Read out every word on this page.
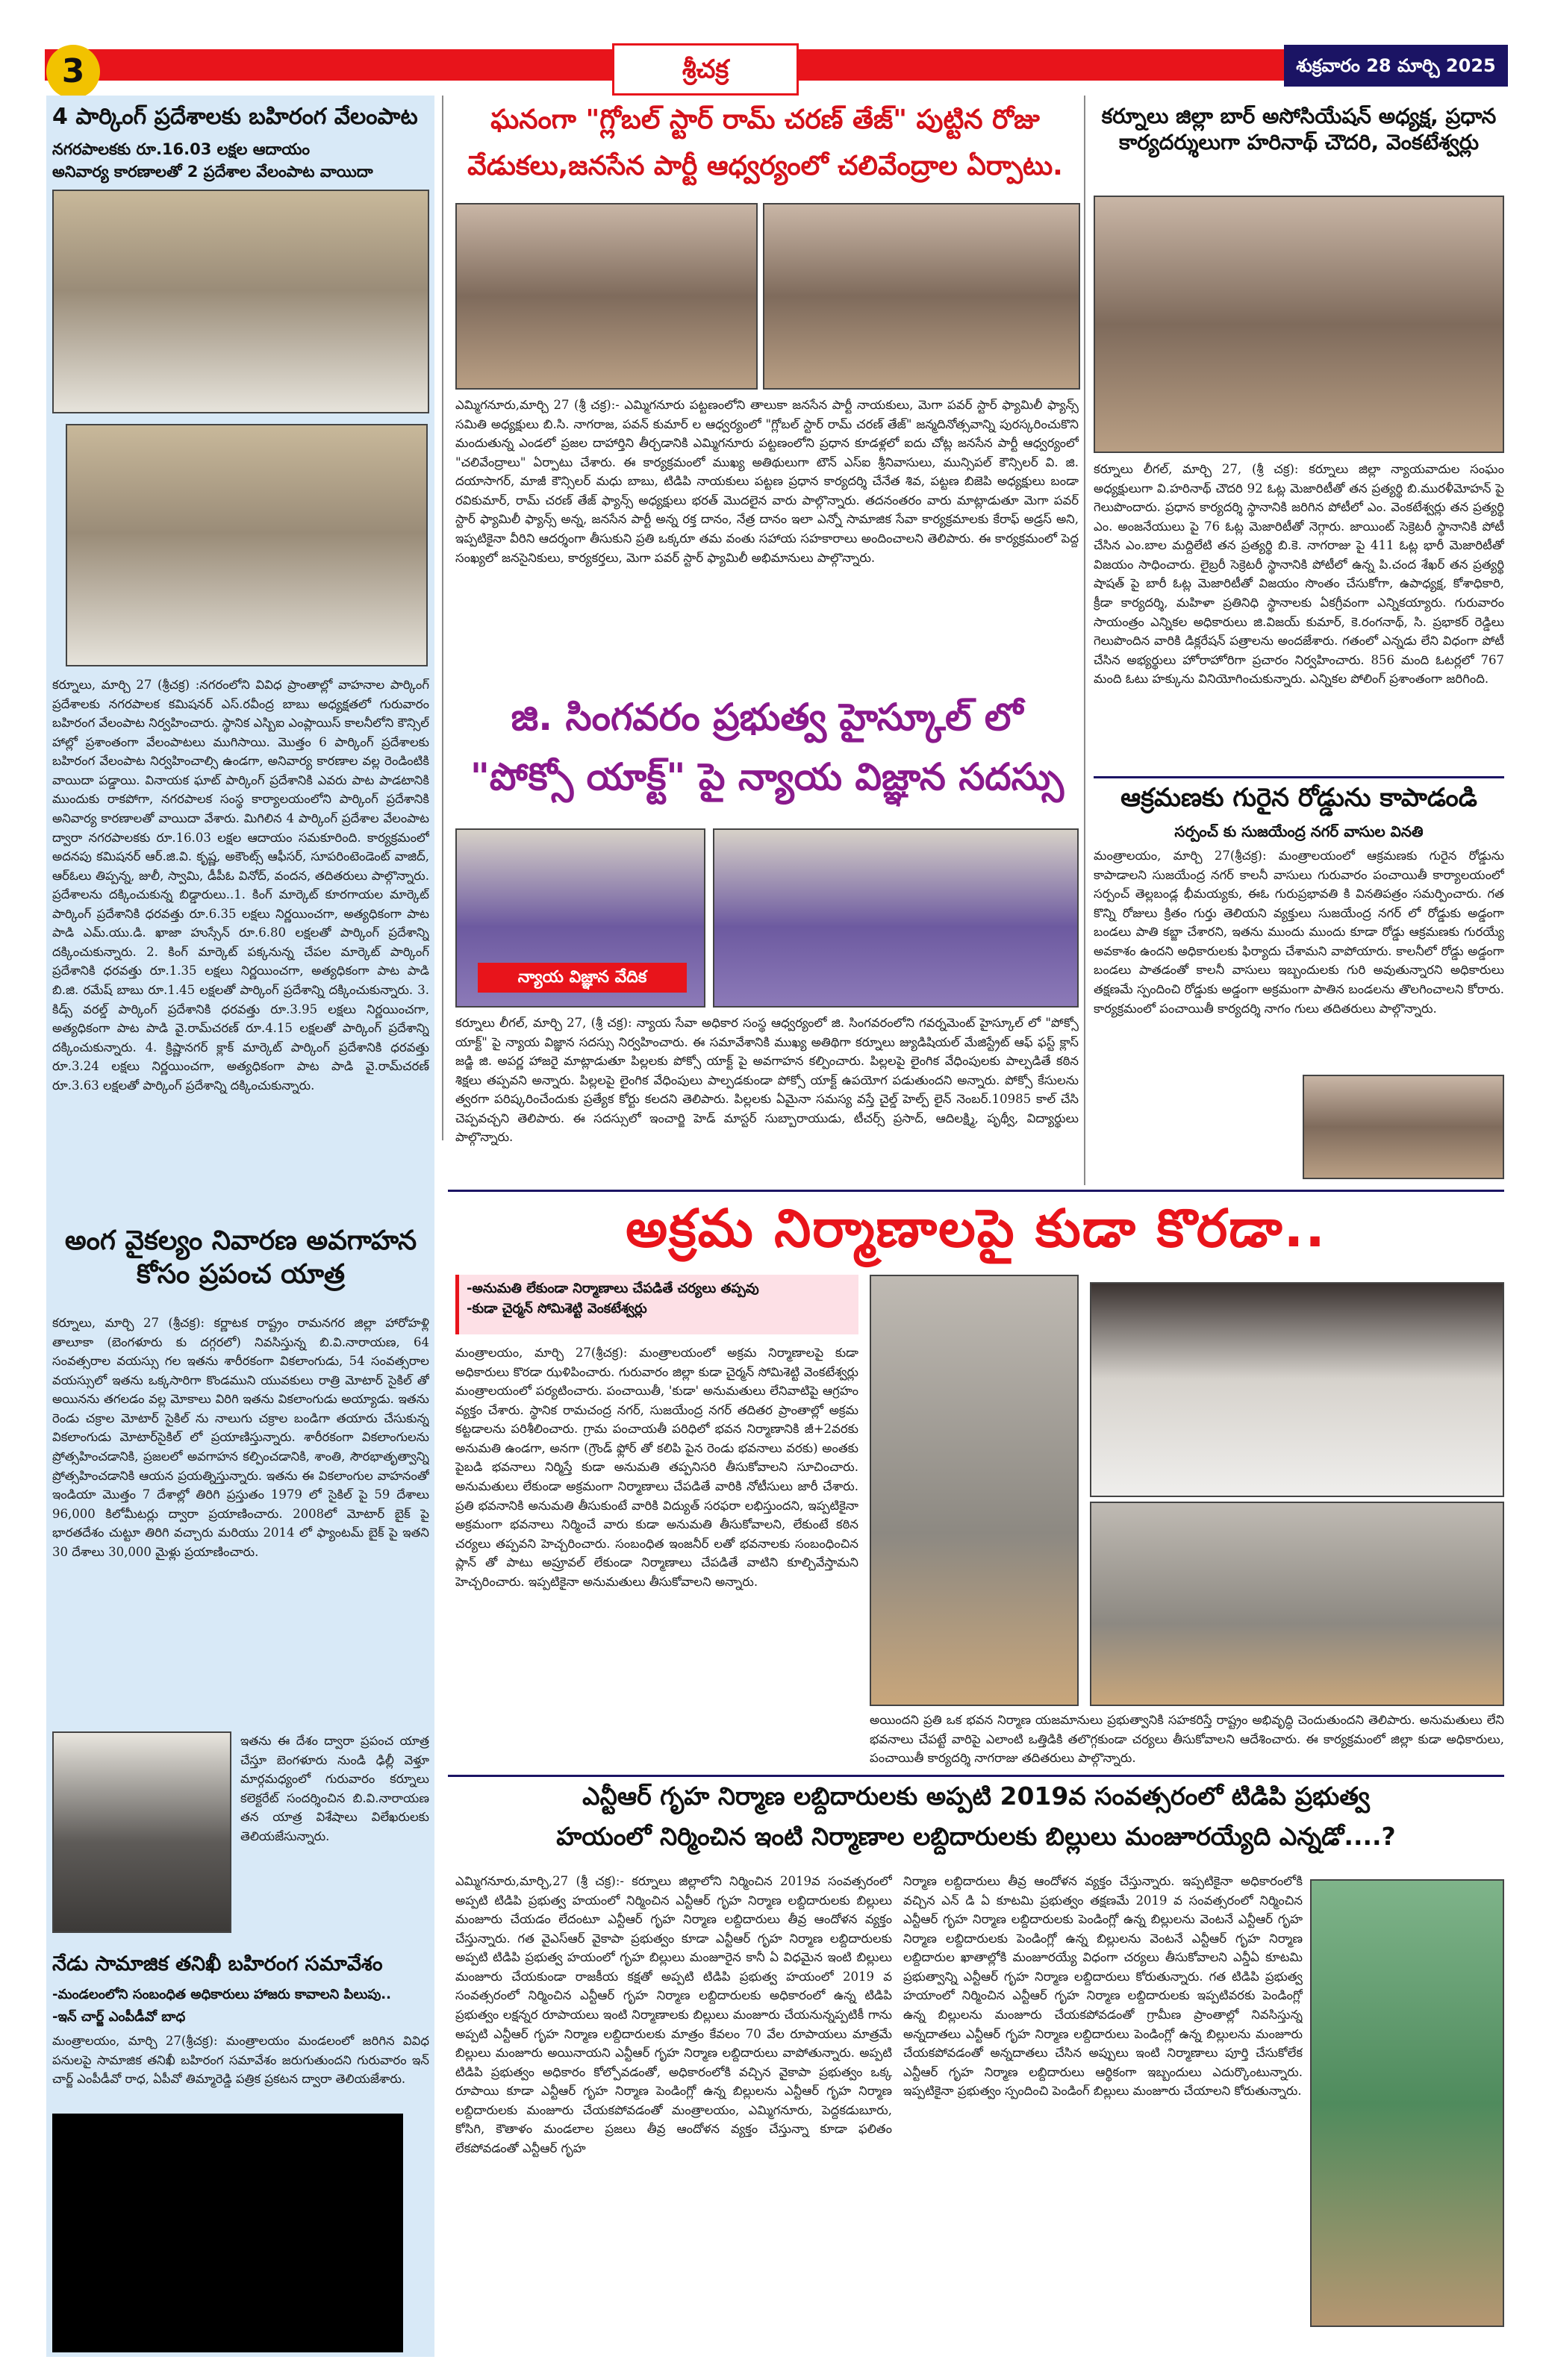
3	శ్రీచక్ర	శుక్రవారం 28 మార్చి 2025
4 పార్కింగ్ ప్రదేశాలకు బహిరంగ వేలంపాట
నగరపాలకకు రూ.16.03 లక్షల ఆదాయం
అనివార్య కారణాలతో 2 ప్రదేశాల వేలంపాట వాయిదా
కర్నూలు, మార్చి 27 (శ్రీచక్ర) :నగరంలోని వివిధ ప్రాంతాల్లో వాహనాల పార్కింగ్ ప్రదేశాలకు నగరపాలక కమిషనర్ ఎస్.రవీంద్ర బాబు అధ్యక్షతలో గురువారం బహిరంగ వేలంపాట నిర్వహించారు. స్థానిక ఎస్బిఐ ఎంప్లాయిస్ కాలనీలోని కౌన్సిల్ హాల్లో ప్రశాంతంగా వేలంపాటలు ముగిసాయి. మొత్తం 6 పార్కింగ్ ప్రదేశాలకు బహిరంగ వేలంపాట నిర్వహించాల్సి ఉండగా, అనివార్య కారణాల వల్ల రెండింటికి వాయిదా పడ్డాయి. వినాయక ఘాట్ పార్కింగ్ ప్రదేశానికి ఎవరు పాట పాడటానికి ముందుకు రాకపోగా, నగరపాలక సంస్థ కార్యాలయంలోని పార్కింగ్ ప్రదేశానికి అనివార్య కారణాలతో వాయిదా వేశారు. మిగిలిన 4 పార్కింగ్ ప్రదేశాల వేలంపాట ద్వారా నగరపాలకకు రూ.16.03 లక్షల ఆదాయం సమకూరింది. కార్యక్రమంలో అదనపు కమిషనర్ ఆర్.జి.వి. కృష్ణ, అకౌంట్స్ ఆఫీసర్, సూపరింటెండెంట్ వాజిద్, ఆర్ఓలు తిప్పన్న, జులీ, స్వామి, డీపీఓ వినోద్, వందన, తదితరులు పాల్గొన్నారు. ప్రదేశాలను దక్కించుకున్న బిడ్డారులు..1. కింగ్ మార్కెట్ కూరగాయల మార్కెట్ పార్కింగ్ ప్రదేశానికి ధరవత్తు రూ.6.35 లక్షలు నిర్ణయించగా, అత్యధికంగా పాట పాడి ఎమ్.యు.డి. ఖాజా హుస్సేన్ రూ.6.80 లక్షలతో పార్కింగ్ ప్రదేశాన్ని దక్కించుకున్నారు. 2. కింగ్ మార్కెట్ పక్కనున్న చేపల మార్కెట్ పార్కింగ్ ప్రదేశానికి ధరవత్తు రూ.1.35 లక్షలు నిర్ణయించగా, అత్యధికంగా పాట పాడి బి.జి. రమేష్ బాబు రూ.1.45 లక్షలతో పార్కింగ్ ప్రదేశాన్ని దక్కించుకున్నారు. 3. కిడ్స్ వరల్డ్ పార్కింగ్ ప్రదేశానికి ధరవత్తు రూ.3.95 లక్షలు నిర్ణయించగా, అత్యధికంగా పాట పాడి వై.రామ్‌చరణ్ రూ.4.15 లక్షలతో పార్కింగ్ ప్రదేశాన్ని దక్కించుకున్నారు. 4. క్రిష్ణానగర్ క్లాక్ మార్కెట్ పార్కింగ్ ప్రదేశానికి ధరవత్తు రూ.3.24 లక్షలు నిర్ణయించగా, అత్యధికంగా పాట పాడి వై.రామ్‌చరణ్ రూ.3.63 లక్షలతో పార్కింగ్ ప్రదేశాన్ని దక్కించుకున్నారు.
అంగ వైకల్యం నివారణ అవగాహన కోసం ప్రపంచ యాత్ర
కర్నూలు, మార్చి 27 (శ్రీచక్ర): కర్ణాటక రాష్ట్రం రామనగర జిల్లా హారోహళ్లి తాలూకా (బెంగళూరు కు దగ్గరలో) నివసిస్తున్న బి.వి.నారాయణ, 64 సంవత్సరాల వయస్సు గల ఇతను శారీరకంగా వికలాంగుడు, 54 సంవత్సరాల వయస్సులో ఇతను ఒక్కసారిగా కొండముని యువకులు రాత్రి మోటార్ సైకిల్ తో అయినను తగలడం వల్ల మోకాలు విరిగి ఇతను వికలాంగుడు అయ్యాడు. ఇతను రెండు చక్రాల మోటార్ సైకిల్ ను నాలుగు చక్రాల బండిగా తయారు చేసుకున్న వికలాంగుడు మోటార్‌సైకిల్ లో ప్రయాణిస్తున్నారు. శారీరకంగా వికలాంగులను ప్రోత్సహించడానికి, ప్రజలలో అవగాహన కల్పించడానికి, శాంతి, సౌరభాతృత్వాన్ని ప్రోత్సహించడానికి ఆయన ప్రయత్నిస్తున్నారు. ఇతను ఈ వికలాంగుల వాహనంతో ఇండియా మొత్తం 7 దేశాల్లో తిరిగి ప్రస్తుతం 1979 లో సైకిల్ పై 59 దేశాలు 96,000 కిలోమీటర్లు ద్వారా ప్రయాణించారు. 2008లో మోటార్ బైక్ పై భారతదేశం చుట్టూ తిరిగి వచ్చారు మరియు 2014 లో ఫ్యాంటమ్ బైక్ పై ఇతని 30 దేశాలు 30,000 మైళ్లు ప్రయాణించారు.
ఇతను ఈ దేశం ద్వారా ప్రపంచ యాత్ర చేస్తూ బెంగళూరు నుండి ఢిల్లీ వెళ్తూ మార్గమధ్యంలో గురువారం కర్నూలు కలెక్టరేట్ సందర్శించిన బి.వి.నారాయణ తన యాత్ర విశేషాలు విలేఖరులకు తెలియజేసున్నారు.
నేడు సామాజిక తనిఖీ బహిరంగ సమావేశం
-మండలంలోని సంబంధిత అధికారులు హాజరు కావాలని పిలుపు..
-ఇన్ చార్జ్ ఎంపీడీవో బాధ
మంత్రాలయం, మార్చి 27(శ్రీచక్ర): మంత్రాలయం మండలంలో జరిగిన వివిధ పనులపై సామాజిక తనిఖీ బహిరంగ సమావేశం జరుగుతుందని గురువారం ఇన్ చార్జ్ ఎంపీడీవో రాధ, ఏపీవో తిమ్మారెడ్డి పత్రిక ప్రకటన ద్వారా తెలియజేశారు.
ఘనంగా "గ్లోబల్ స్టార్ రామ్ చరణ్ తేజ్" పుట్టిన రోజు
వేడుకలు,జనసేన పార్టీ ఆధ్వర్యంలో చలివేంద్రాల ఏర్పాటు.
ఎమ్మిగనూరు,మార్చి 27 (శ్రీ చక్ర):- ఎమ్మిగనూరు పట్టణంలోని తాలుకా జనసేన పార్టీ నాయకులు, మెగా పవర్ స్టార్ ఫ్యామిలీ ఫ్యాన్స్ సమితి అధ్యక్షులు బి.సి. నాగరాజ, పవన్ కుమార్ ల ఆధ్వర్యంలో "గ్లోబల్ స్టార్ రామ్ చరణ్ తేజ్" జన్మదినోత్సవాన్ని పురస్కరించుకొని మందుతున్న ఎండలో ప్రజల దాహార్తిని తీర్చడానికి ఎమ్మిగనూరు పట్టణంలోని ప్రధాన కూడళ్లలో ఐదు చోట్ల జనసేన పార్టీ ఆధ్వర్యంలో "చలివేంద్రాలు" ఏర్పాటు చేశారు. ఈ కార్యక్రమంలో ముఖ్య అతిథులుగా టౌన్ ఎస్ఐ శ్రీనివాసులు, మున్సిపల్ కౌన్సిలర్ వి. జి. దయాసాగర్, మాజీ కౌన్సిలర్ మధు బాబు, టిడిపి నాయకులు పట్టణ ప్రధాన కార్యదర్శి చేనేత శివ, పట్టణ బిజెపి అధ్యక్షులు బండా రవికుమార్, రామ్ చరణ్ తేజ్ ఫ్యాన్స్ అధ్యక్షులు భరత్ మొదలైన వారు పాల్గొన్నారు. తదనంతరం వారు మాట్లాడుతూ మెగా పవర్ స్టార్ ఫ్యామిలీ ఫ్యాన్స్ అన్న, జనసేన పార్టీ అన్న రక్త దానం, నేత్ర దానం ఇలా ఎన్నో సామాజిక సేవా కార్యక్రమాలకు కేరాఫ్ అడ్రస్ అని, ఇప్పటికైనా వీరిని ఆదర్శంగా తీసుకుని ప్రతి ఒక్కరూ తమ వంతు సహాయ సహకారాలు అందించాలని తెలిపారు. ఈ కార్యక్రమంలో పెద్ద సంఖ్యలో జనసైనికులు, కార్యకర్తలు, మెగా పవర్ స్టార్ ఫ్యామిలీ అభిమానులు పాల్గొన్నారు.
జి. సింగవరం ప్రభుత్వ హైస్కూల్ లో
"పోక్సో యాక్ట్" పై న్యాయ విజ్ఞాన సదస్సు
న్యాయ విజ్ఞాన వేదిక
కర్నూలు లీగల్, మార్చి 27, (శ్రీ చక్ర): న్యాయ సేవా అధికార సంస్థ ఆధ్వర్యంలో జి. సింగవరంలోని గవర్నమెంట్ హైస్కూల్ లో "పోక్సో యాక్ట్" పై న్యాయ విజ్ఞాన సదస్సు నిర్వహించారు. ఈ సమావేశానికి ముఖ్య అతిథిగా కర్నూలు జ్యుడిషియల్ మేజిస్ట్రేట్ ఆఫ్ ఫస్ట్ క్లాస్ జడ్జి జి. అపర్ణ హాజరై మాట్లాడుతూ పిల్లలకు పోక్సో యాక్ట్ పై అవగాహన కల్పించారు. పిల్లలపై లైంగిక వేధింపులకు పాల్పడితే కఠిన శిక్షలు తప్పవని అన్నారు. పిల్లలపై లైంగిక వేధింపులు పాల్పడకుండా పోక్సో యాక్ట్ ఉపయోగ పడుతుందని అన్నారు. పోక్సో కేసులను త్వరగా పరిష్కరించేందుకు ప్రత్యేక కోర్టు కలదని తెలిపారు. పిల్లలకు ఏమైనా సమస్య వస్తే చైల్డ్ హెల్ప్ లైన్ నెంబర్.10985 కాల్ చేసి చెప్పవచ్చని తెలిపారు. ఈ సదస్సులో ఇంచార్జి హెడ్ మాస్టర్ సుబ్బారాయుడు, టీచర్స్ ప్రసాద్, ఆదిలక్ష్మి, పృథ్వీ, విద్యార్థులు పాల్గొన్నారు.
కర్నూలు జిల్లా బార్ అసోసియేషన్ అధ్యక్ష, ప్రధాన కార్యదర్శులుగా హరినాథ్ చౌదరి, వెంకటేశ్వర్లు
కర్నూలు లీగల్, మార్చి 27, (శ్రీ చక్ర): కర్నూలు జిల్లా న్యాయవాదుల సంఘం అధ్యక్షులుగా వి.హరినాథ్ చౌదరి 92 ఓట్ల మెజారిటీతో తన ప్రత్యర్థి బి.మురళీమోహన్ పై గెలుపొందారు. ప్రధాన కార్యదర్శి స్థానానికి జరిగిన పోటీలో ఎం. వెంకటేశ్వర్లు తన ప్రత్యర్థి ఎం. అంజనేయులు పై 76 ఓట్ల మెజారిటీతో నెగ్గారు. జాయింట్ సెక్రెటరీ స్థానానికి పోటీ చేసిన ఎం.బాల మద్దిలేటి తన ప్రత్యర్థి బి.కె. నాగరాజు పై 411 ఓట్ల భారీ మెజారిటీతో విజయం సాధించారు. లైబ్రరీ సెక్రెటరీ స్థానానికి పోటీలో ఉన్న పి.చంద శేఖర్ తన ప్రత్యర్థి షాషత్ పై బారీ ఓట్ల మెజారిటీతో విజయం సొంతం చేసుకోగా, ఉపాధ్యక్ష, కోశాధికారి, క్రీడా కార్యదర్శి, మహిళా ప్రతినిధి స్థానాలకు ఏకగ్రీవంగా ఎన్నికయ్యారు. గురువారం సాయంత్రం ఎన్నికల అధికారులు జి.విజయ్ కుమార్, కె.రంగనాథ్, సి. ప్రభాకర్ రెడ్డిలు గెలుపొందిన వారికి డిక్లరేషన్ పత్రాలను అందజేశారు. గతంలో ఎన్నడు లేని విధంగా పోటీ చేసిన అభ్యర్థులు హోరాహోరిగా ప్రచారం నిర్వహించారు. 856 మంది ఓటర్లలో 767 మంది ఓటు హక్కును వినియోగించుకున్నారు. ఎన్నికల పోలింగ్ ప్రశాంతంగా జరిగింది.
ఆక్రమణకు గురైన రోడ్డును కాపాడండి
సర్పంచ్ కు సుజయేంద్ర నగర్ వాసుల వినతి
మంత్రాలయం, మార్చి 27(శ్రీచక్ర): మంత్రాలయంలో ఆక్రమణకు గురైన రోడ్డును కాపాడాలని సుజయేంద్ర నగర్ కాలనీ వాసులు గురువారం పంచాయితీ కార్యాలయంలో సర్పంచ్ తెల్లబండ్ల భీమయ్యకు, ఈఓ గురుప్రభావతి కి వినతిపత్రం సమర్పించారు. గత కొన్ని రోజులు క్రితం గుర్తు తెలియని వ్యక్తులు సుజయేంద్ర నగర్ లో రోడ్డుకు అడ్డంగా బండలు పాతి కబ్జా చేశారని, ఇతను ముందు ముందు కూడా రోడ్డు ఆక్రమణకు గురయ్యే అవకాశం ఉందని అధికారులకు ఫిర్యాదు చేశామని వాపోయారు. కాలనీలో రోడ్డు అడ్డంగా బండలు పాతడంతో కాలనీ వాసులు ఇబ్బందులకు గురి అవుతున్నారని అధికారులు తక్షణమే స్పందించి రోడ్డుకు అడ్డంగా అక్రమంగా పాతిన బండలను తొలగించాలని కోరారు. కార్యక్రమంలో పంచాయితీ కార్యదర్శి నాగం గులు తదితరులు పాల్గొన్నారు.
అక్రమ నిర్మాణాలపై కుడా కొరడా..
-అనుమతి లేకుండా నిర్మాణాలు చేపడితే చర్యలు తప్పవు
-కుడా చైర్మన్ సోమిశెట్టి వెంకటేశ్వర్లు
మంత్రాలయం, మార్చి 27(శ్రీచక్ర): మంత్రాలయంలో అక్రమ నిర్మాణాలపై కుడా అధికారులు కొరడా ఝళిపించారు. గురువారం జిల్లా కుడా చైర్మన్ సోమిశెట్టి వెంకటేశ్వర్లు మంత్రాలయంలో పర్యటించారు. పంచాయితీ, 'కుడా' అనుమతులు లేనివాటిపై ఆగ్రహం వ్యక్తం చేశారు. స్థానిక రామచంద్ర నగర్, సుజయేంద్ర నగర్ తదితర ప్రాంతాల్లో అక్రమ కట్టడాలను పరిశీలించారు. గ్రామ పంచాయతీ పరిధిలో భవన నిర్మాణానికి జీ+2వరకు అనుమతి ఉండగా, అనగా (గ్రౌండ్ ఫ్లోర్ తో కలిపి పైన రెండు భవనాలు వరకు) అంతకు పైబడి భవనాలు నిర్మిస్తే కుడా అనుమతి తప్పనిసరి తీసుకోవాలని సూచించారు. అనుమతులు లేకుండా అక్రమంగా నిర్మాణాలు చేపడితే వారికి నోటీసులు జారీ చేశారు. ప్రతి భవనానికి అనుమతి తీసుకుంటే వారికి విద్యుత్ సరఫరా లభిస్తుందని, ఇప్పటికైనా అక్రమంగా భవనాలు నిర్మించే వారు కుడా అనుమతి తీసుకోవాలని, లేకుంటే కఠిన చర్యలు తప్పవని హెచ్చరించారు. సంబంధిత ఇంజనీర్ లతో భవనాలకు సంబంధించిన ప్లాన్ తో పాటు అప్రూవల్ లేకుండా నిర్మాణాలు చేపడితే వాటిని కూల్చివేస్తామని హెచ్చరించారు. ఇప్పటికైనా అనుమతులు తీసుకోవాలని అన్నారు.
అయిందని ప్రతి ఒక భవన నిర్మాణ యజమానులు ప్రభుత్వానికి సహకరిస్తే రాష్ట్రం అభివృద్ధి చెందుతుందని తెలిపారు. అనుమతులు లేని భవనాలు చేపట్టే వారిపై ఎలాంటి ఒత్తిడికి తలొగ్గకుండా చర్యలు తీసుకోవాలని ఆదేశించారు. ఈ కార్యక్రమంలో జిల్లా కుడా అధికారులు, పంచాయితీ కార్యదర్శి నాగరాజు తదితరులు పాల్గొన్నారు.
ఎన్టీఆర్ గృహ నిర్మాణ లబ్దిదారులకు అప్పటి 2019వ సంవత్సరంలో టిడిపి ప్రభుత్వ
హయంలో నిర్మించిన ఇంటి నిర్మాణాల లబ్దిదారులకు బిల్లులు మంజూరయ్యేది ఎన్నడో....?
ఎమ్మిగనూరు,మార్చి,27 (శ్రీ చక్ర):- కర్నూలు జిల్లాలోని నిర్మించిన 2019వ సంవత్సరంలో అప్పటి టిడిపి ప్రభుత్వ హయంలో నిర్మించిన ఎన్టీఆర్ గృహ నిర్మాణ లబ్దిదారులకు బిల్లులు మంజూరు చేయడం లేదంటూ ఎన్టీఆర్ గృహ నిర్మాణ లబ్దిదారులు తీవ్ర ఆందోళన వ్యక్తం చేస్తున్నారు. గత వైఎస్ఆర్ వైకాపా ప్రభుత్వం కూడా ఎన్టీఆర్ గృహ నిర్మాణ లబ్దిదారులకు అప్పటి టిడిపి ప్రభుత్వ హయంలో గృహ బిల్లులు మంజూరైన కానీ ఏ విధమైన ఇంటి బిల్లులు మంజూరు చేయకుండా రాజకీయ కక్షతో అప్పటి టిడిపి ప్రభుత్వ హయంలో 2019 వ సంవత్సరంలో నిర్మించిన ఎన్టీఆర్ గృహ నిర్మాణ లబ్దిదారులకు అధికారంలో ఉన్న టిడిపి ప్రభుత్వం లక్షన్నర రూపాయలు ఇంటి నిర్మాణాలకు బిల్లులు మంజూరు చేయనున్నప్పటికీ గాను అప్పటి ఎన్టీఆర్ గృహ నిర్మాణ లబ్దిదారులకు మాత్రం కేవలం 70 వేల రూపాయలు మాత్రమే బిల్లులు మంజూరు అయినాయని ఎన్టీఆర్ గృహ నిర్మాణ లబ్దిదారులు వాపోతున్నారు. అప్పటి టిడిపి ప్రభుత్వం అధికారం కోల్పోవడంతో, అధికారంలోకి వచ్చిన వైకాపా ప్రభుత్వం ఒక్క రూపాయి కూడా ఎన్టీఆర్ గృహ నిర్మాణ పెండింగ్లో ఉన్న బిల్లులను ఎన్టీఆర్ గృహ నిర్మాణ లబ్దిదారులకు మంజూరు చేయకపోవడంతో మంత్రాలయం, ఎమ్మిగనూరు, పెద్దకడుబూరు, కోసిగి, కౌతాళం మండలాల ప్రజలు తీవ్ర ఆందోళన వ్యక్తం చేస్తున్నా కూడా ఫలితం లేకపోవడంతో ఎన్టీఆర్ గృహ
నిర్మాణ లబ్దిదారులు తీవ్ర ఆందోళన వ్యక్తం చేస్తున్నారు. ఇప్పటికైనా అధికారంలోకి వచ్చిన ఎన్ డి ఏ కూటమి ప్రభుత్వం తక్షణమే 2019 వ సంవత్సరంలో నిర్మించిన ఎన్టీఆర్ గృహ నిర్మాణ లబ్దిదారులకు పెండింగ్లో ఉన్న బిల్లులను వెంటనే ఎన్టీఆర్ గృహ నిర్మాణ లబ్దిదారులకు పెండింగ్లో ఉన్న బిల్లులను వెంటనే ఎన్టీఆర్ గృహ నిర్మాణ లబ్దిదారుల ఖాతాల్లోకి మంజూరయ్యే విధంగా చర్యలు తీసుకోవాలని ఎన్డీఏ కూటమి ప్రభుత్వాన్ని ఎన్టీఆర్ గృహ నిర్మాణ లబ్దిదారులు కోరుతున్నారు. గత టిడిపి ప్రభుత్వ హయాంలో నిర్మించిన ఎన్టీఆర్ గృహ నిర్మాణ లబ్దిదారులకు ఇప్పటివరకు పెండింగ్లో ఉన్న బిల్లులను మంజూరు చేయకపోవడంతో గ్రామీణ ప్రాంతాల్లో నివసిస్తున్న అన్నదాతలు ఎన్టీఆర్ గృహ నిర్మాణ లబ్దిదారులు పెండింగ్లో ఉన్న బిల్లులను మంజూరు చేయకపోవడంతో అన్నదాతలు చేసిన అప్పులు ఇంటి నిర్మాణాలు పూర్తి చేసుకోలేక ఎన్టీఆర్ గృహ నిర్మాణ లబ్దిదారులు ఆర్థికంగా ఇబ్బందులు ఎదుర్కొంటున్నారు. ఇప్పటికైనా ప్రభుత్వం స్పందించి పెండింగ్ బిల్లులు మంజూరు చేయాలని కోరుతున్నారు.
